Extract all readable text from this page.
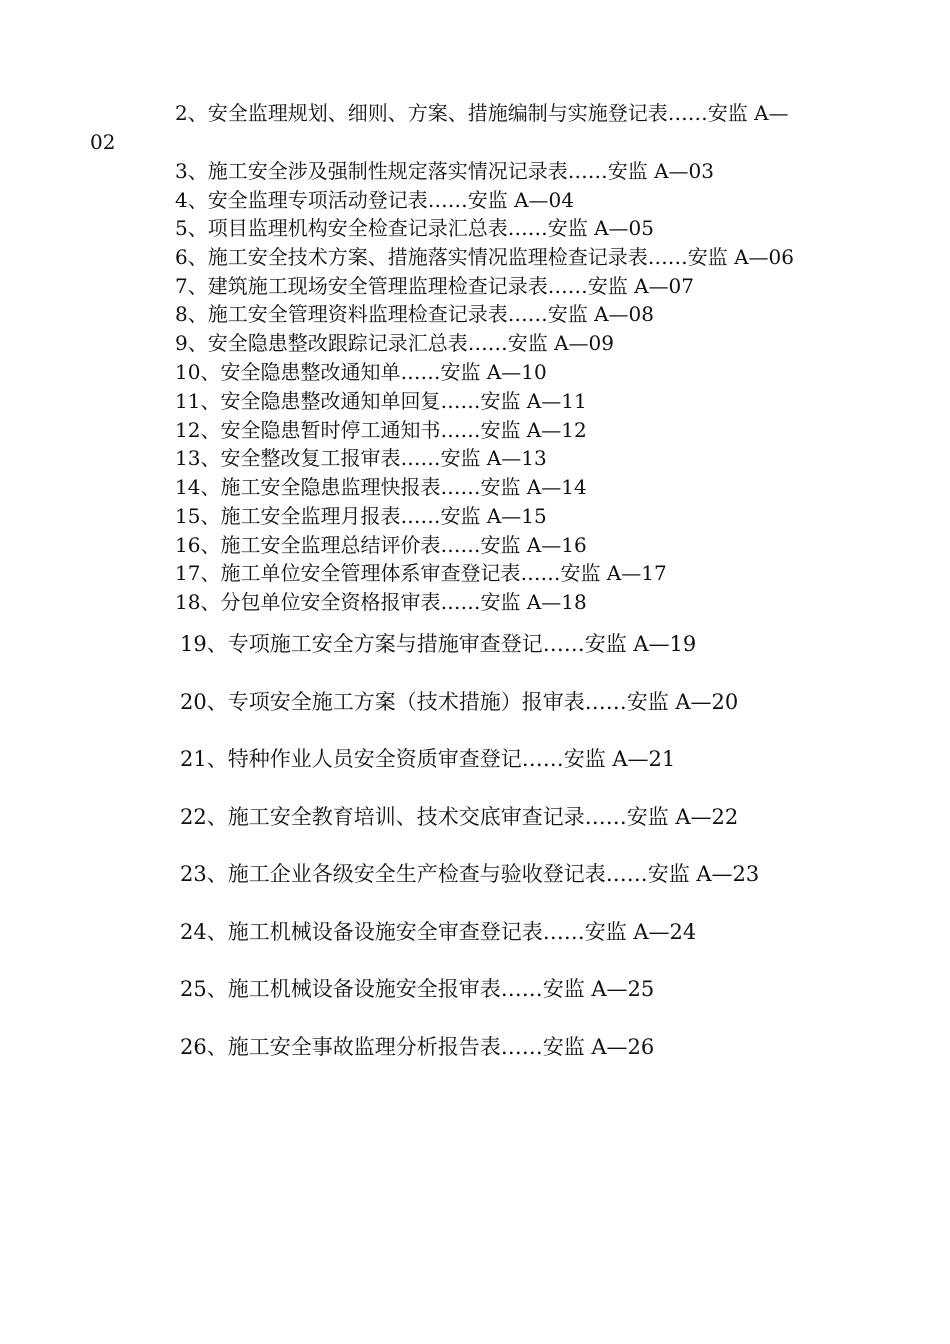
2、安全监理规划、细则、方案、措施编制与实施登记表……安监 A—
02
3、施工安全涉及强制性规定落实情况记录表……安监 A—03
4、安全监理专项活动登记表……安监 A—04
5、项目监理机构安全检查记录汇总表……安监 A—05
6、施工安全技术方案、措施落实情况监理检查记录表……安监 A—06
7、建筑施工现场安全管理监理检查记录表……安监 A—07
8、施工安全管理资料监理检查记录表……安监 A—08
9、安全隐患整改跟踪记录汇总表……安监 A—09
10、安全隐患整改通知单……安监 A—10
11、安全隐患整改通知单回复……安监 A—11
12、安全隐患暂时停工通知书……安监 A—12
13、安全整改复工报审表……安监 A—13
14、施工安全隐患监理快报表……安监 A—14
15、施工安全监理月报表……安监 A—15
16、施工安全监理总结评价表……安监 A—16
17、施工单位安全管理体系审查登记表……安监 A—17
18、分包单位安全资格报审表……安监 A—18
19、专项施工安全方案与措施审查登记……安监 A—19
20、专项安全施工方案（技术措施）报审表……安监 A—20
21、特种作业人员安全资质审查登记……安监 A—21
22、施工安全教育培训、技术交底审查记录……安监 A—22
23、施工企业各级安全生产检查与验收登记表……安监 A—23
24、施工机械设备设施安全审查登记表……安监 A—24
25、施工机械设备设施安全报审表……安监 A—25
26、施工安全事故监理分析报告表……安监 A—26
